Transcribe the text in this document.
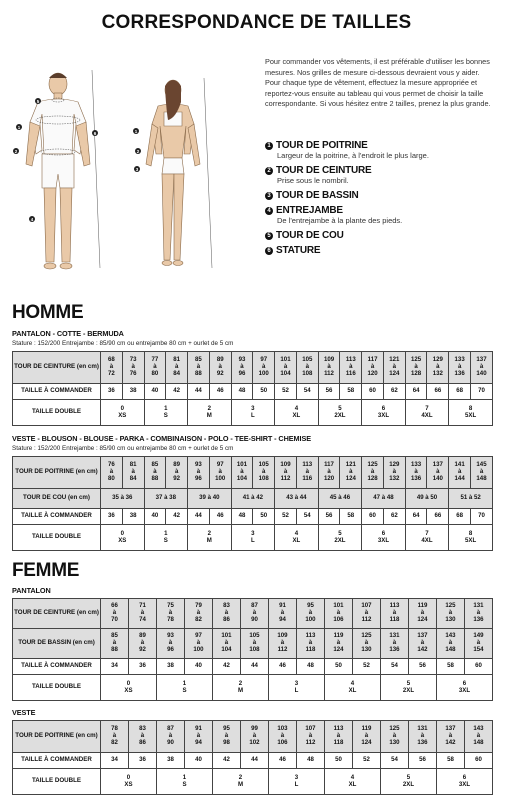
CORRESPONDANCE DE TAILLES
5
1
2
4
6	1
2
3

Pour commander vos vêtements, il est préférable d'utiliser les bonnes mesures. Nos grilles de mesure ci-dessous devraient vous y aider.

Pour chaque type de vêtement, effectuez la mesure appropriée et reportez-vous ensuite au tableau qui vous permet de choisir la taille correspondante. Si vous hésitez entre 2 tailles, prenez la plus grande.

1 TOUR DE POITRINE
Largeur de la poitrine, à l'endroit le plus large.
2 TOUR DE CEINTURE
Prise sous le nombril.
3 TOUR DE BASSIN
4 ENTREJAMBE
De l'entrejambe à la plante des pieds.
5 TOUR DE COU
6 STATURE
HOMME
PANTALON - COTTE - BERMUDA
Stature : 152/200 Entrejambe : 85/90 cm ou entrejambe 80 cm + ourlet de 5 cm
TOUR DE CEINTURE (en cm)	68
à
72	73
à
76	77
à
80	81
à
84	85
à
88	89
à
92	93
à
96	97
à
100	101
à
104	105
à
108	109
à
112	113
à
116	117
à
120	121
à
124	125
à
128	129
à
132	133
à
136	137
à
140
TAILLE À COMMANDER	36	38	40	42	44	46	48	50	52	54	56	58	60	62	64	66	68	70
TAILLE DOUBLE	0
XS		1
S		2
M		3
L		4
XL		5
2XL		6
3XL		7
4XL		8
5XL	
VESTE - BLOUSON - BLOUSE - PARKA - COMBINAISON - POLO - TEE-SHIRT - CHEMISE
Stature : 152/200 Entrejambe : 85/90 cm ou entrejambe 80 cm + ourlet de 5 cm
TOUR DE POITRINE (en cm)	76
à
80	81
à
84	85
à
88	89
à
92	93
à
96	97
à
100	101
à
104	105
à
108	109
à
112	113
à
116	117
à
120	121
à
124	125
à
128	129
à
132	133
à
136	137
à
140	141
à
144	145
à
148
TOUR DE COU (en cm)	35 à 36		37 à 38		39 à 40		41 à 42		43 à 44		45 à 46		47 à 48		49 à 50		51 à 52	
TAILLE À COMMANDER	36	38	40	42	44	46	48	50	52	54	56	58	60	62	64	66	68	70
TAILLE DOUBLE	0
XS		1
S		2
M		3
L		4
XL		5
2XL		6
3XL		7
4XL		8
5XL	
FEMME
PANTALON
TOUR DE CEINTURE (en cm)	66
à
70	71
à
74	75
à
78	79
à
82	83
à
86	87
à
90	91
à
94	95
à
100	101
à
106	107
à
112	113
à
118	119
à
124	125
à
130	131
à
136
TOUR DE BASSIN (en cm)	85
à
88	89
à
92	93
à
96	97
à
100	101
à
104	105
à
108	109
à
112	113
à
118	119
à
124	125
à
130	131
à
136	137
à
142	143
à
148	149
à
154
TAILLE À COMMANDER	34	36	38	40	42	44	46	48	50	52	54	56	58	60
TAILLE DOUBLE	0
XS		1
S		2
M		3
L		4
XL		5
2XL		6
3XL	
VESTE
TOUR DE POITRINE (en cm)	78
à
82	83
à
86	87
à
90	91
à
94	95
à
98	99
à
102	103
à
106	107
à
112	113
à
118	119
à
124	125
à
130	131
à
136	137
à
142	143
à
148
TAILLE À COMMANDER	34	36	38	40	42	44	46	48	50	52	54	56	58	60
TAILLE DOUBLE	0
XS		1
S		2
M		3
L		4
XL		5
2XL		6
3XL	
